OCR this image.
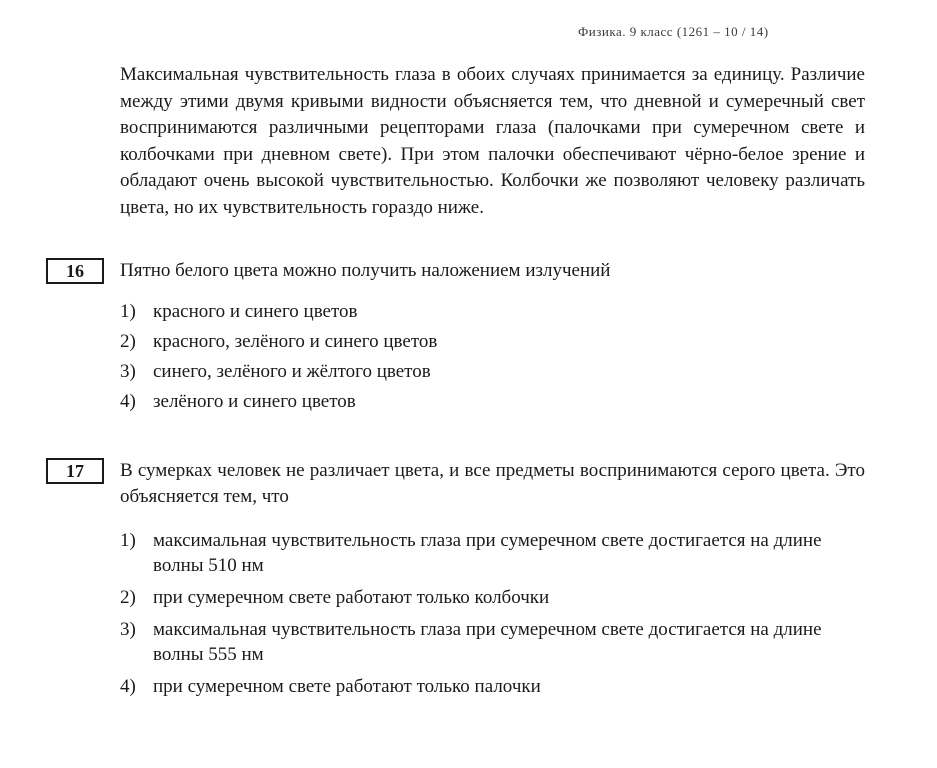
Физика. 9 класс (1261 – 10 / 14)

Максимальная чувствительность глаза в обоих случаях принимается за единицу. Различие между этими двумя кривыми видности объясняется тем, что дневной и сумеречный свет воспринимаются различными рецепторами глаза (палочками при сумеречном свете и колбочками при дневном свете). При этом палочки обеспечивают чёрно-белое зрение и обладают очень высокой чувствительностью. Колбочки же позволяют человеку различать цвета, но их чувствительность гораздо ниже.

16	Пятно белого цвета можно получить наложением излучений
1) красного и синего цветов
2) красного, зелёного и синего цветов
3) синего, зелёного и жёлтого цветов
4) зелёного и синего цветов
17	В сумерках человек не различает цвета, и все предметы воспринимаются серого цвета. Это объясняется тем, что
1) максимальная чувствительность глаза при сумеречном свете достигается на длине волны 510 нм
2) при сумеречном свете работают только колбочки
3) максимальная чувствительность глаза при сумеречном свете достигается на длине волны 555 нм
4) при сумеречном свете работают только палочки
